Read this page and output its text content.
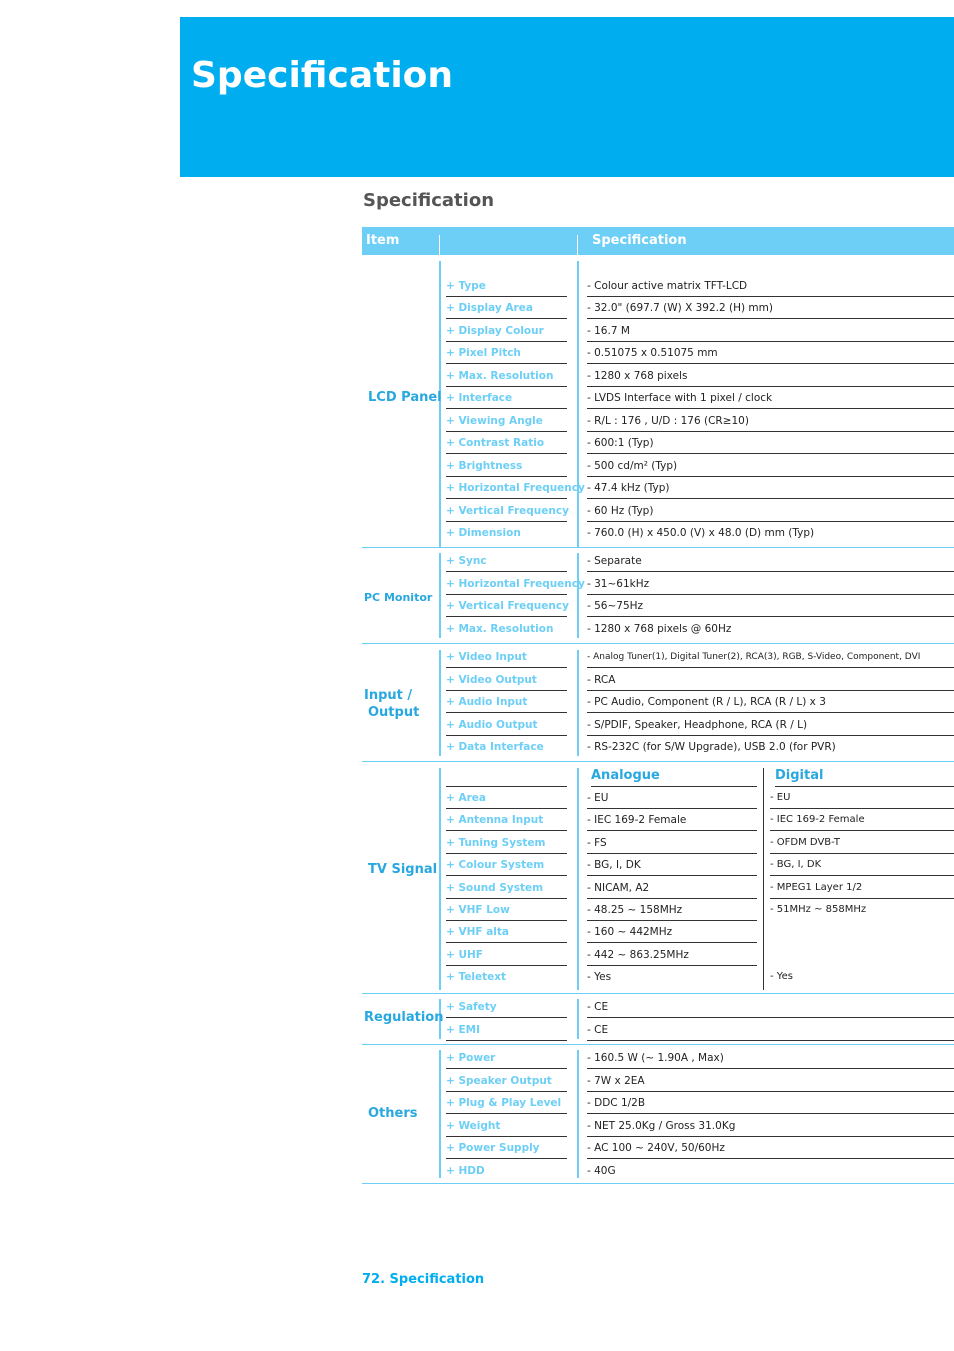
Specification
Specification
Item	Specification
LCD Panel
+ Type	- Colour active matrix TFT-LCD
+ Display Area	- 32.0" (697.7 (W) X 392.2 (H) mm)
+ Display Colour	- 16.7 M
+ Pixel Pitch	- 0.51075 x 0.51075 mm
+ Max. Resolution	- 1280 x 768 pixels
+ Interface	- LVDS Interface with 1 pixel / clock
+ Viewing Angle	- R/L : 176 , U/D : 176 (CR≥10)
+ Contrast Ratio	- 600:1 (Typ)
+ Brightness	- 500 cd/m² (Typ)
+ Horizontal Frequency - 47.4 kHz (Typ)
+ Vertical Frequency - 60 Hz (Typ)
+ Dimension	- 760.0 (H) x 450.0 (V) x 48.0 (D) mm (Typ)
PC Monitor
+ Sync	- Separate
+ Horizontal Frequency - 31~61kHz
+ Vertical Frequency - 56~75Hz
+ Max. Resolution	- 1280 x 768 pixels @ 60Hz
Input /
Output
+ Video Input	- Analog Tuner(1), Digital Tuner(2), RCA(3), RGB, S-Video, Component, DVI
+ Video Output	- RCA
+ Audio Input	- PC Audio, Component (R / L), RCA (R / L) x 3
+ Audio Output	- S/PDIF, Speaker, Headphone, RCA (R / L)
+ Data Interface	- RS-232C (for S/W Upgrade), USB 2.0 (for PVR)
TV Signal
Analogue	Digital
+ Area	- EU	- EU
+ Antenna Input	- IEC 169-2 Female	- IEC 169-2 Female
+ Tuning System	- FS	- OFDM DVB-T
+ Colour System	- BG, I, DK	- BG, I, DK
+ Sound System	- NICAM, A2	- MPEG1 Layer 1/2
+ VHF Low	- 48.25 ~ 158MHz	- 51MHz ~ 858MHz
+ VHF alta	- 160 ~ 442MHz
+ UHF	- 442 ~ 863.25MHz
+ Teletext	- Yes	- Yes
Regulation
+ Safety	- CE
+ EMI	- CE
Others
+ Power	- 160.5 W (~ 1.90A , Max)
+ Speaker Output	- 7W x 2EA
+ Plug & Play Level	- DDC 1/2B
+ Weight	- NET 25.0Kg / Gross 31.0Kg
+ Power Supply	- AC 100 ~ 240V, 50/60Hz
+ HDD	- 40G
72. Specification
